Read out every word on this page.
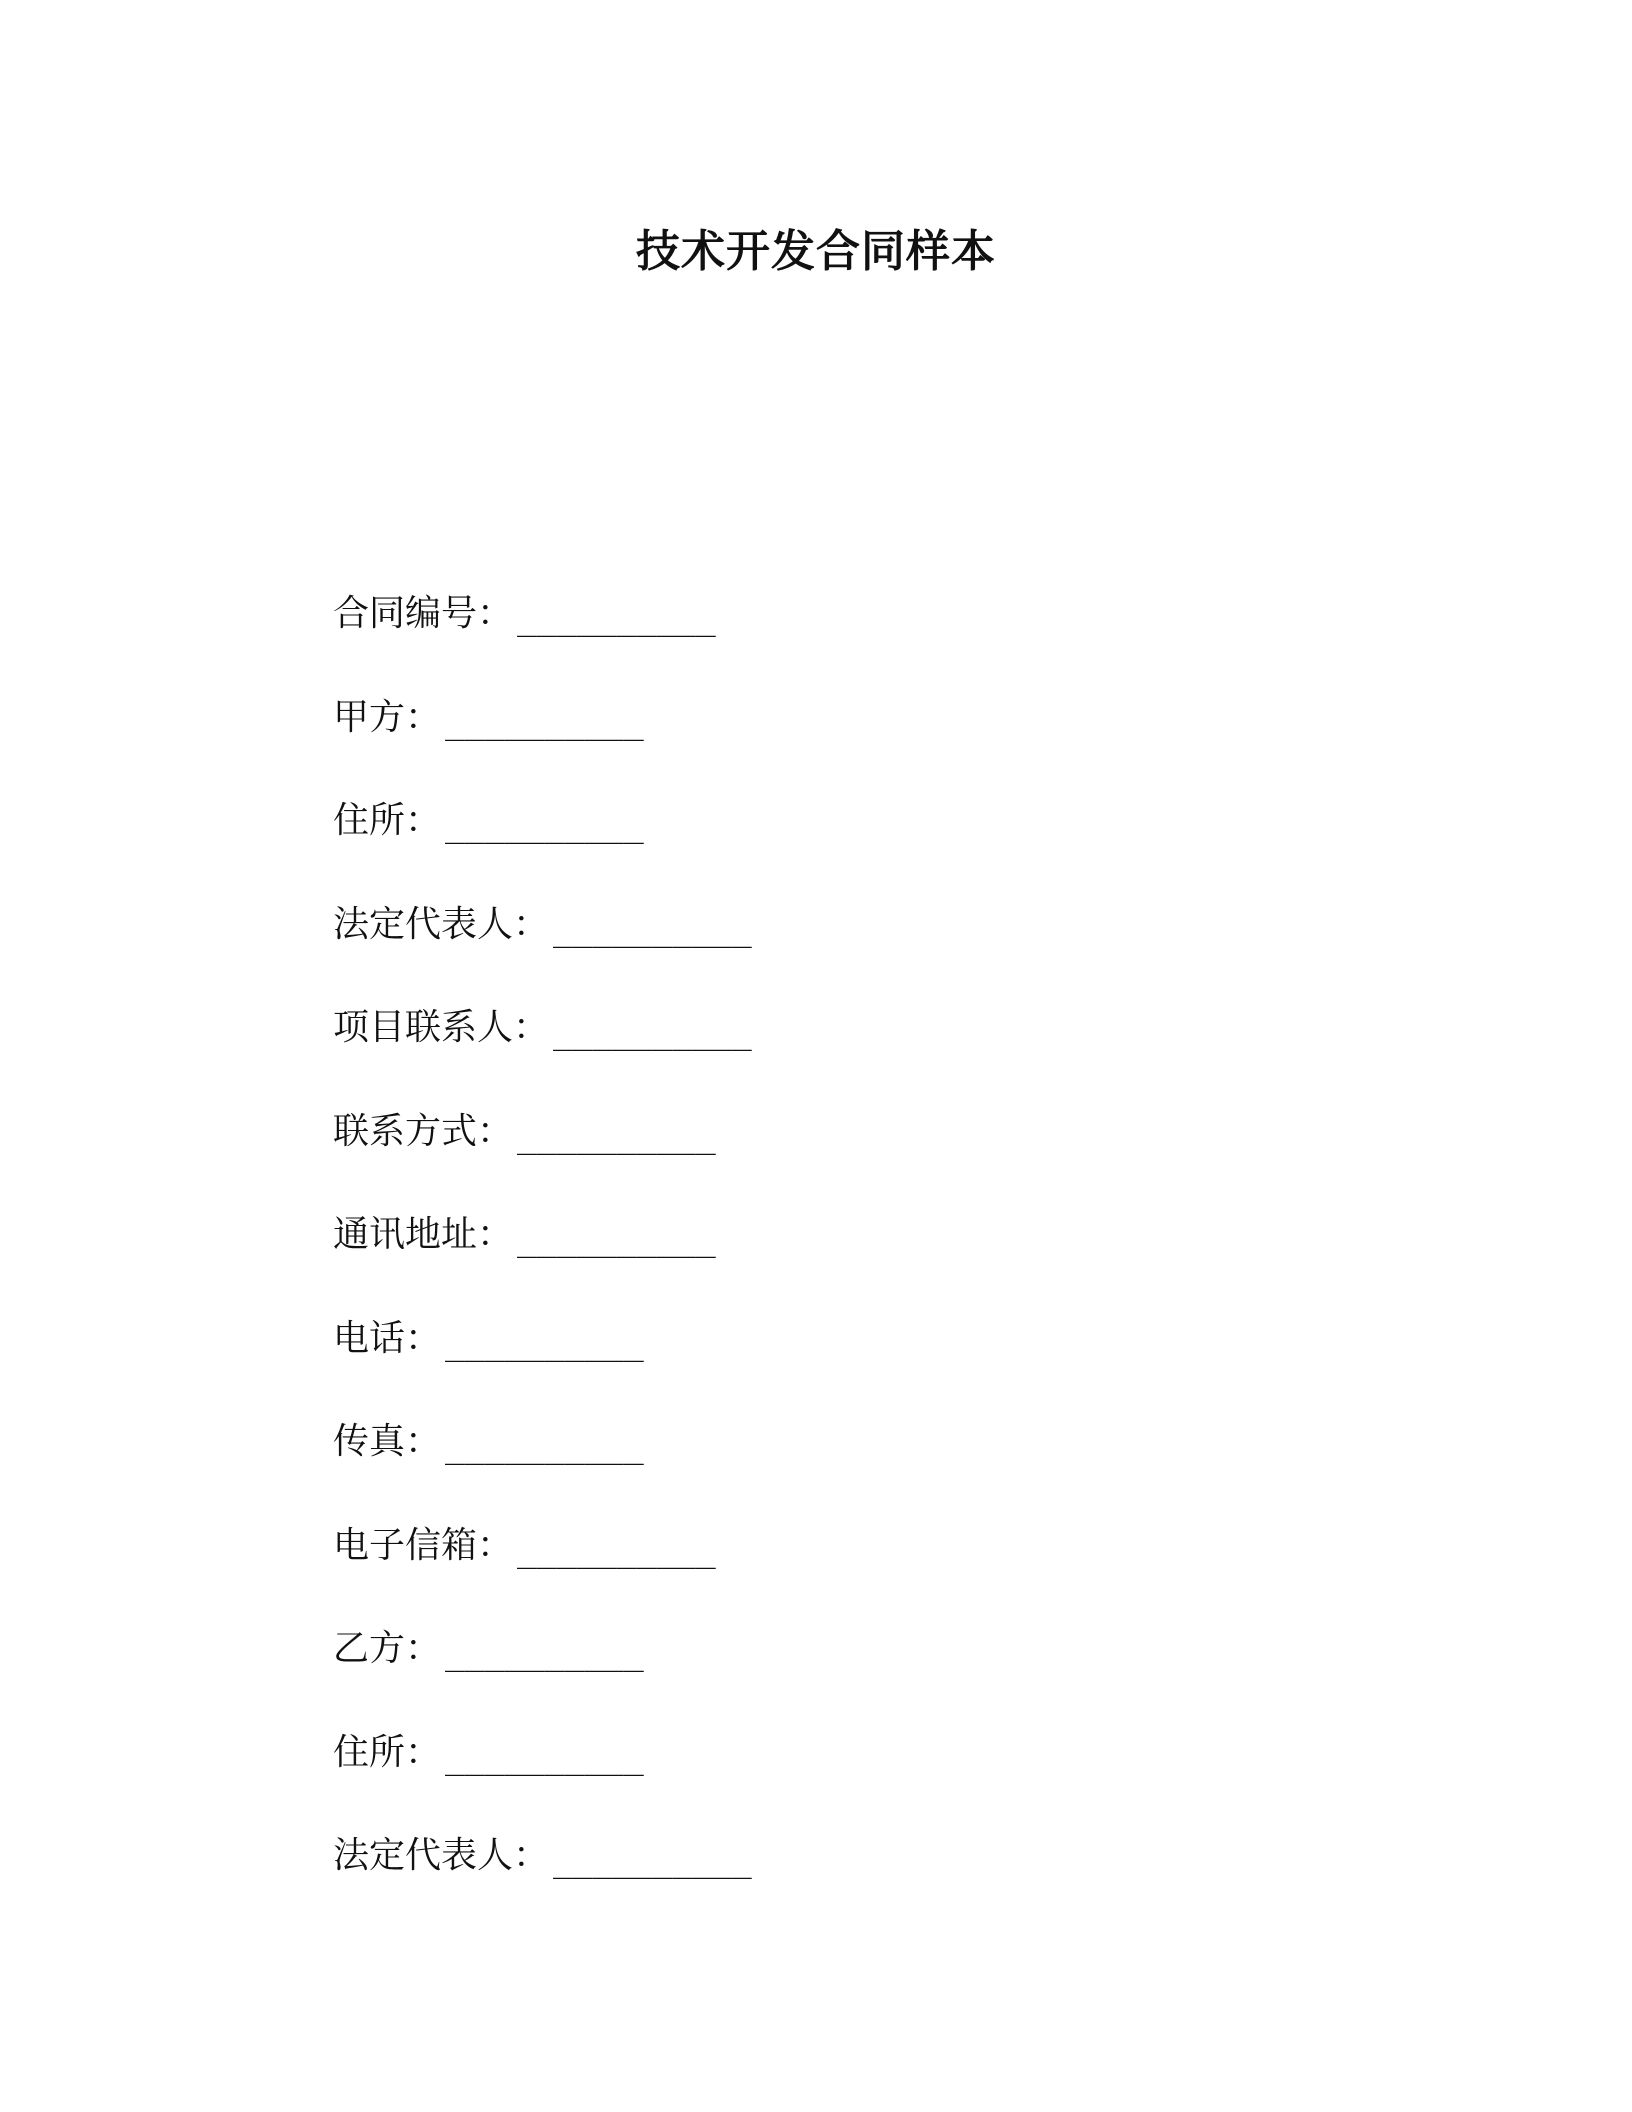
技术开发合同样本
合同编号 ： __________
甲方 ： __________
住所 ： __________
法定代表人 ： __________
项目联系人 ： __________
联系方式 ： __________
通讯地址 ： __________
电话 ： __________
传真 ： __________
电子信箱 ： __________
乙方 ： __________
住所 ： __________
法定代表人 ： __________
